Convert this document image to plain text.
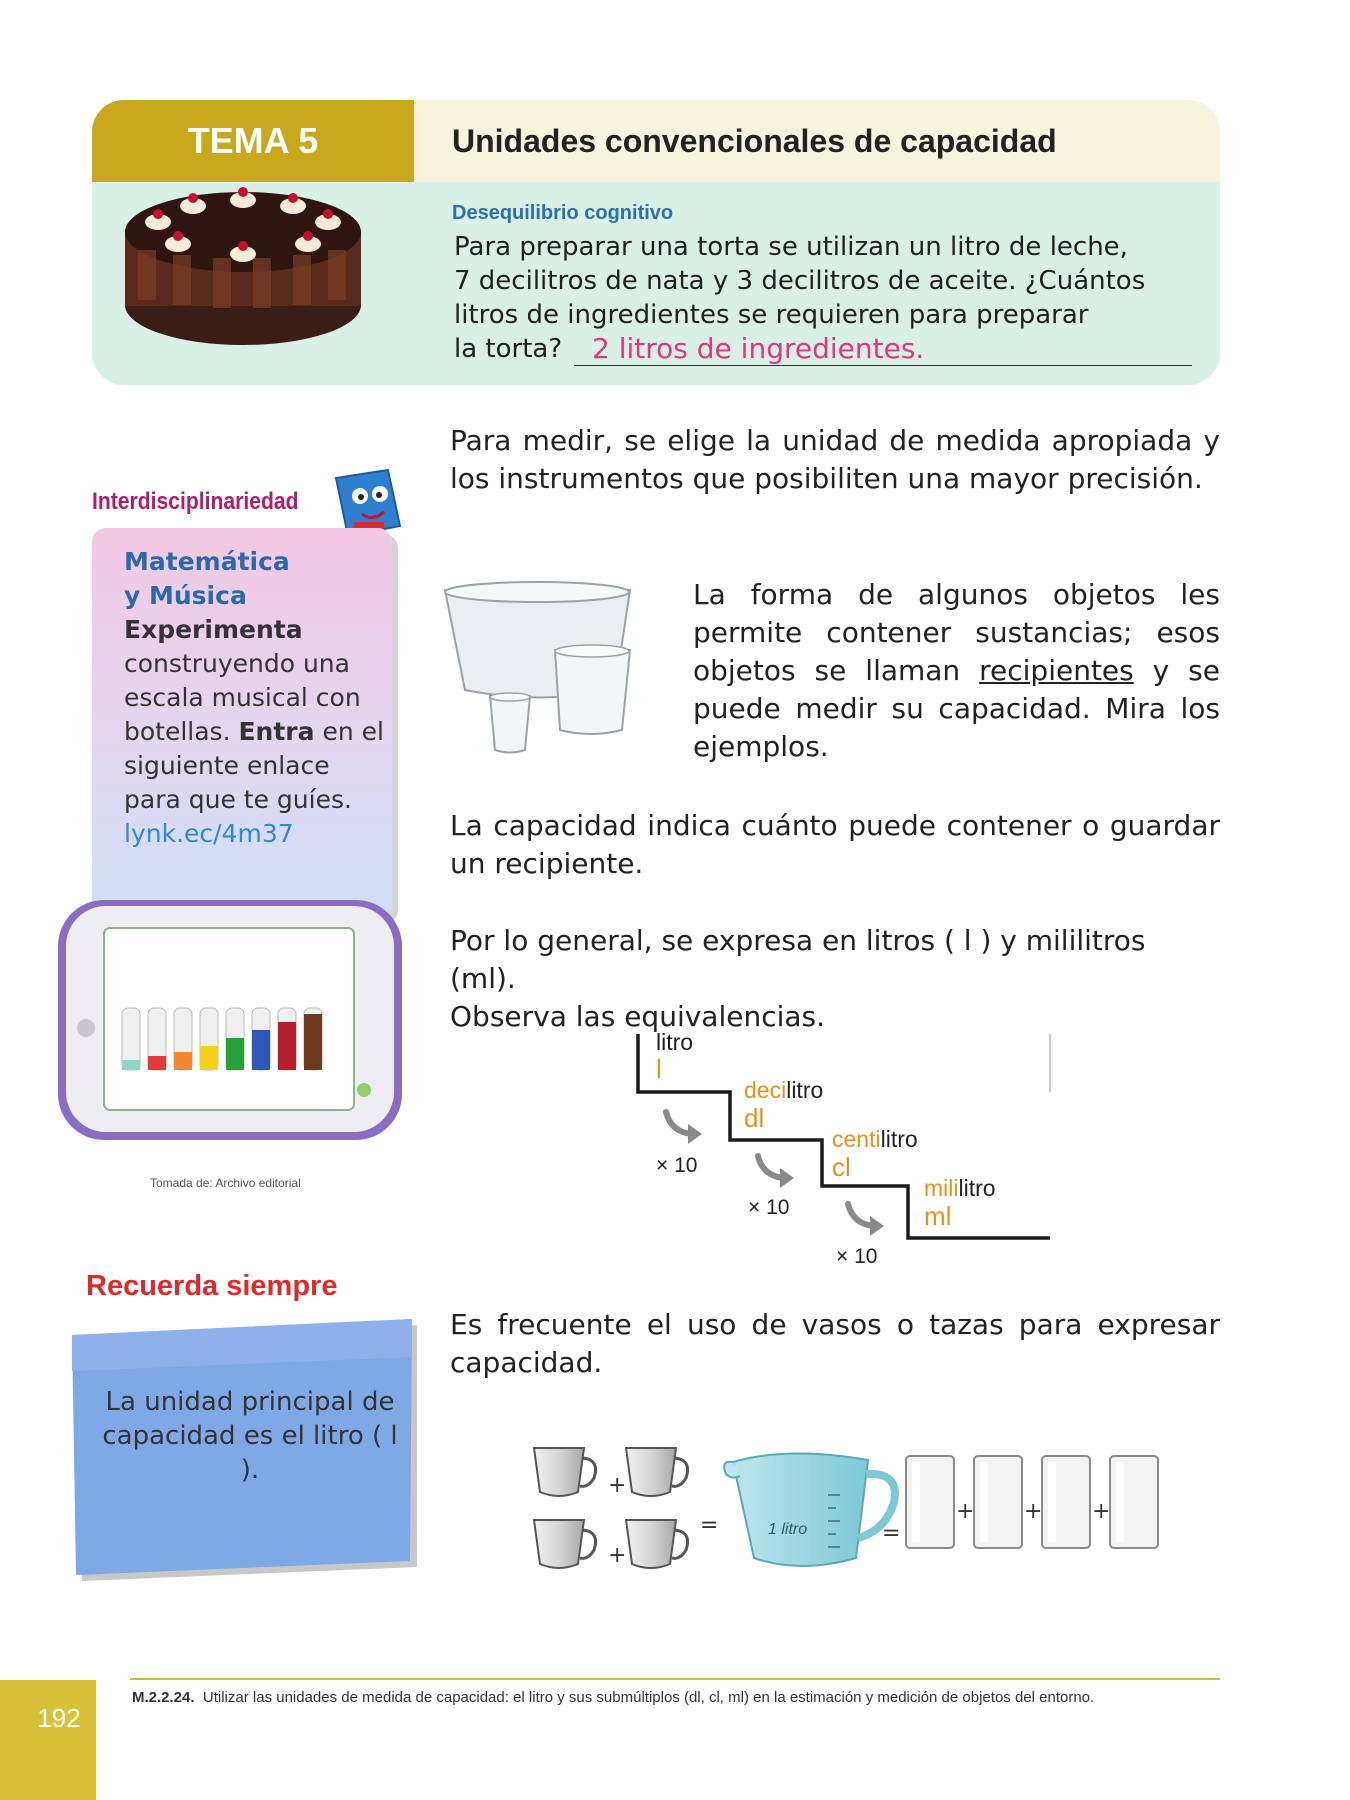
TEMA 5	Unidades convencionales de capacidad
Desequilibrio cognitivo
Para preparar una torta se utilizan un litro de leche,
7 decilitros de nata y 3 decilitros de aceite. ¿Cuántos
litros de ingredientes se requieren para preparar
la torta?	2 litros de ingredientes.
Para medir, se elige la unidad de medida apropiada y los instrumentos que posibiliten una mayor precisión.
La forma de algunos objetos les permite contener sustancias; esos objetos se llaman recipientes y se puede medir su capacidad. Mira los ejemplos.
La capacidad indica cuánto puede contener o guardar un recipiente.
Por lo general, se expresa en litros ( l ) y mililitros (ml).
Observa las equivalencias.
litro
l
decilitro
dl
centilitro
cl
mililitro
ml
× 10
× 10
× 10
Es frecuente el uso de vasos o tazas para expresar capacidad.
+
+
=	1 litro	=
+ + +
Interdisciplinariedad
Matemática
y Música
Experimenta construyendo una escala musical con botellas. Entra en el siguiente enlace para que te guíes.
lynk.ec/4m37
Tomada de: Archivo editorial
Recuerda siempre
La unidad principal de capacidad es el litro ( l ).
192
M.2.2.24. Utilizar las unidades de medida de capacidad: el litro y sus submúltiplos (dl, cl, ml) en la estimación y medición de objetos del entorno.
